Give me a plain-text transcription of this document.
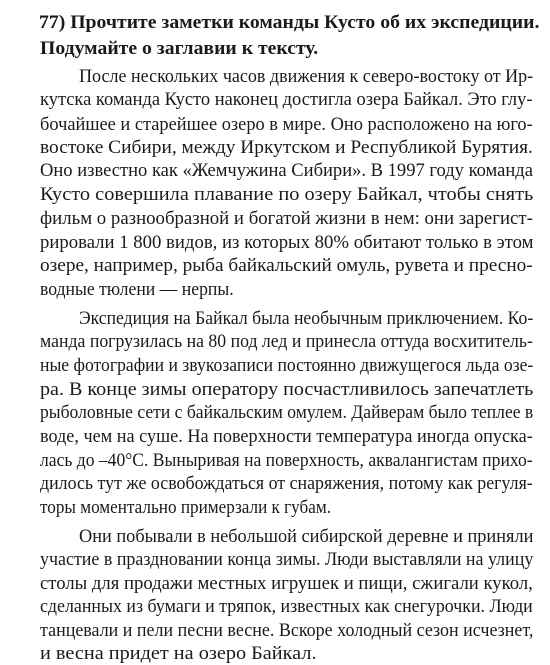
77) Прочтите заметки команды Кусто об их экспедиции.
Подумайте о заглавии к тексту.
После нескольких часов движения к северо-востоку от Ир-
кутска команда Кусто наконец достигла озера Байкал. Это глу-
бочайшее и старейшее озеро в мире. Оно расположено на юго-
востоке Сибири, между Иркутском и Республикой Бурятия.
Оно известно как «Жемчужина Сибири». В 1997 году команда
Кусто совершила плавание по озеру Байкал, чтобы снять
фильм о разнообразной и богатой жизни в нем: они зарегист-
рировали 1 800 видов, из которых 80% обитают только в этом
озере, например, рыба байкальский омуль, рувета и пресно-
водные тюлени — нерпы.
Экспедиция на Байкал была необычным приключением. Ко-
манда погрузилась на 80 под лед и принесла оттуда восхититель-
ные фотографии и звукозаписи постоянно движущегося льда озе-
ра. В конце зимы оператору посчастливилось запечатлеть
рыболовные сети с байкальским омулем. Дайверам было теплее в
воде, чем на суше. На поверхности температура иногда опуска-
лась до –40°С. Выныривая на поверхность, аквалангистам прихо-
дилось тут же освобождаться от снаряжения, потому как регуля-
торы моментально примерзали к губам.
Они побывали в небольшой сибирской деревне и приняли
участие в праздновании конца зимы. Люди выставляли на улицу
столы для продажи местных игрушек и пищи, сжигали кукол,
сделанных из бумаги и тряпок, известных как снегурочки. Люди
танцевали и пели песни весне. Вскоре холодный сезон исчезнет,
и весна придет на озеро Байкал.
